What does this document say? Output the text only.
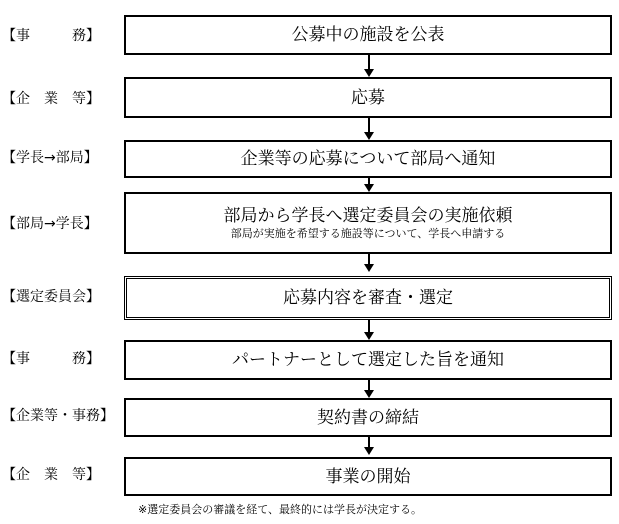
【事　　　務】	公募中の施設を公表
【企　業　等】	応募
【学長→部局】	企業等の応募について部局へ通知
【部局→学長】	部局から学長へ選定委員会の実施依頼
部局が実施を希望する施設等について、学長へ申請する
【選定委員会】	応募内容を審査・選定
【事　　　務】	パートナーとして選定した旨を通知
【企業等・事務】	契約書の締結
【企　業　等】	事業の開始
※選定委員会の審議を経て、最終的には学長が決定する。
